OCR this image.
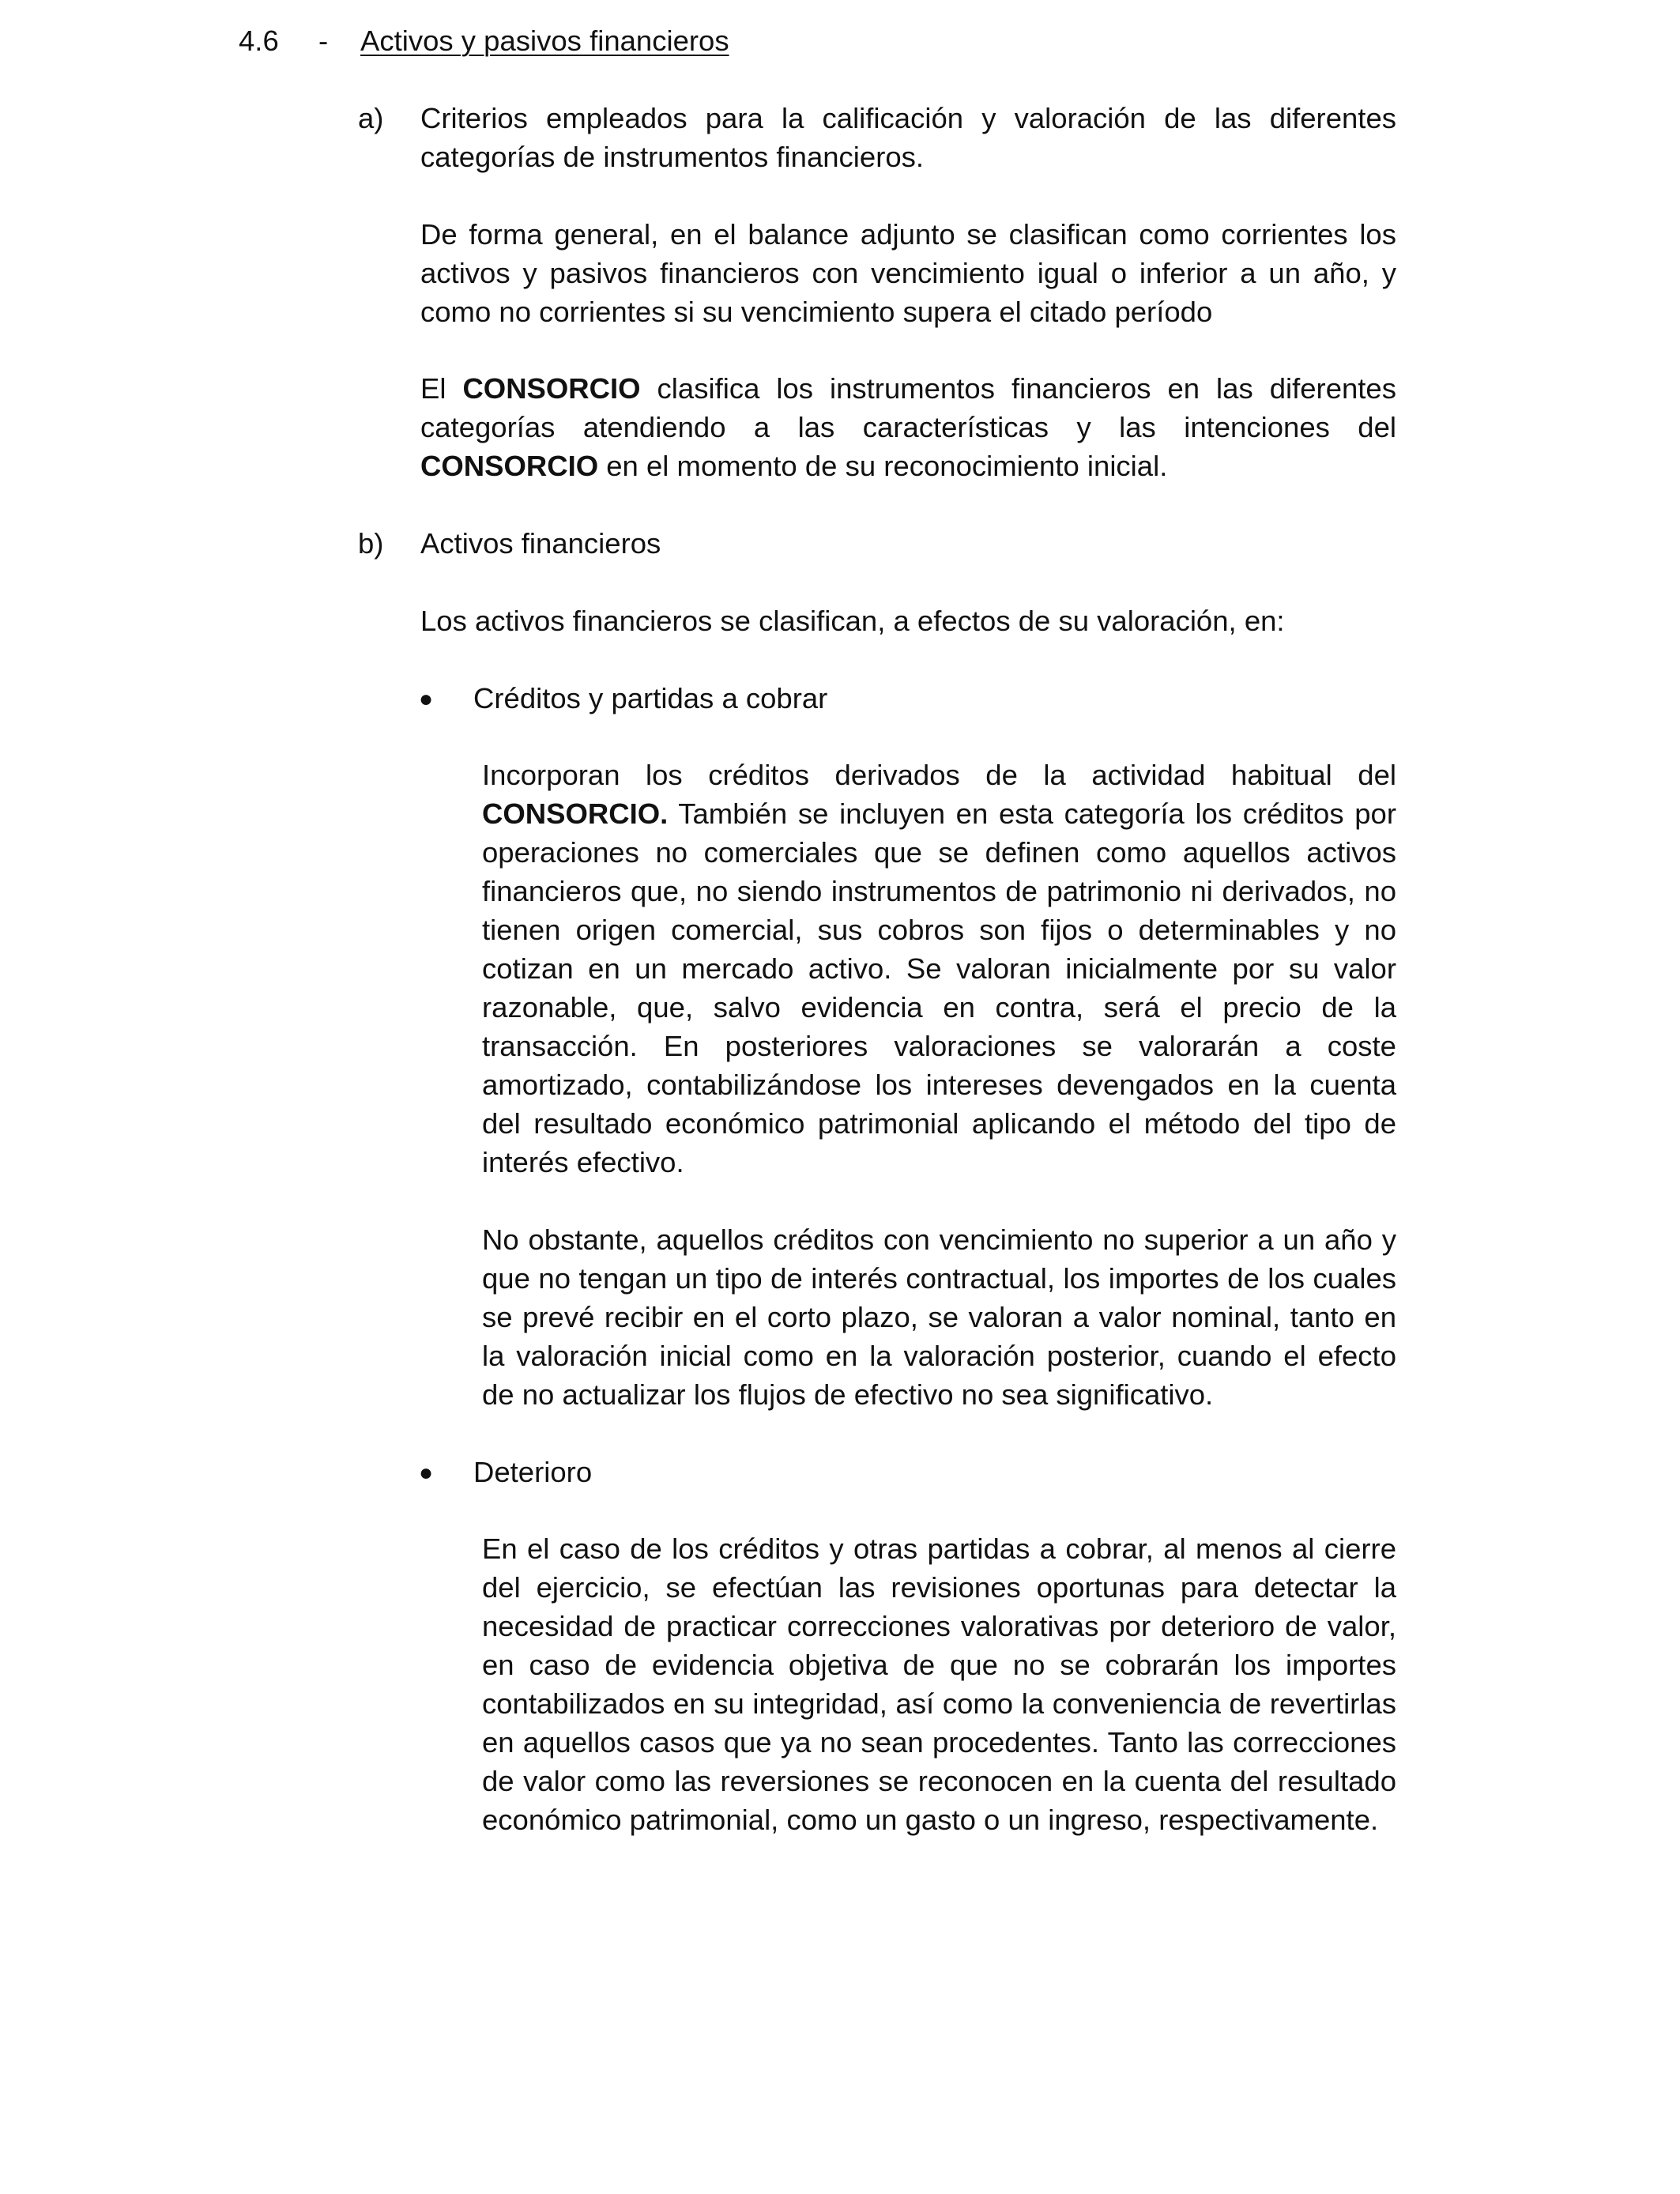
4.6 - Activos y pasivos financieros
a) Criterios empleados para la calificación y valoración de las diferentes categorías de instrumentos financieros.

De forma general, en el balance adjunto se clasifican como corrientes los activos y pasivos financieros con vencimiento igual o inferior a un año, y como no corrientes si su vencimiento supera el citado período

El CONSORCIO clasifica los instrumentos financieros en las diferentes categorías atendiendo a las características y las intenciones del CONSORCIO en el momento de su reconocimiento inicial.

b) Activos financieros
Los activos financieros se clasifican, a efectos de su valoración, en:
● Créditos y partidas a cobrar

Incorporan los créditos derivados de la actividad habitual del CONSORCIO. También se incluyen en esta categoría los créditos por operaciones no comerciales que se definen como aquellos activos financieros que, no siendo instrumentos de patrimonio ni derivados, no tienen origen comercial, sus cobros son fijos o determinables y no cotizan en un mercado activo. Se valoran inicialmente por su valor razonable, que, salvo evidencia en contra, será el precio de la transacción. En posteriores valoraciones se valorarán a coste amortizado, contabilizándose los intereses devengados en la cuenta del resultado económico patrimonial aplicando el método del tipo de interés efectivo.

No obstante, aquellos créditos con vencimiento no superior a un año y que no tengan un tipo de interés contractual, los importes de los cuales se prevé recibir en el corto plazo, se valoran a valor nominal, tanto en la valoración inicial como en la valoración posterior, cuando el efecto de no actualizar los flujos de efectivo no sea significativo.

● Deterioro

En el caso de los créditos y otras partidas a cobrar, al menos al cierre del ejercicio, se efectúan las revisiones oportunas para detectar la necesidad de practicar correcciones valorativas por deterioro de valor, en caso de evidencia objetiva de que no se cobrarán los importes contabilizados en su integridad, así como la conveniencia de revertirlas en aquellos casos que ya no sean procedentes. Tanto las correcciones de valor como las reversiones se reconocen en la cuenta del resultado económico patrimonial, como un gasto o un ingreso, respectivamente.
